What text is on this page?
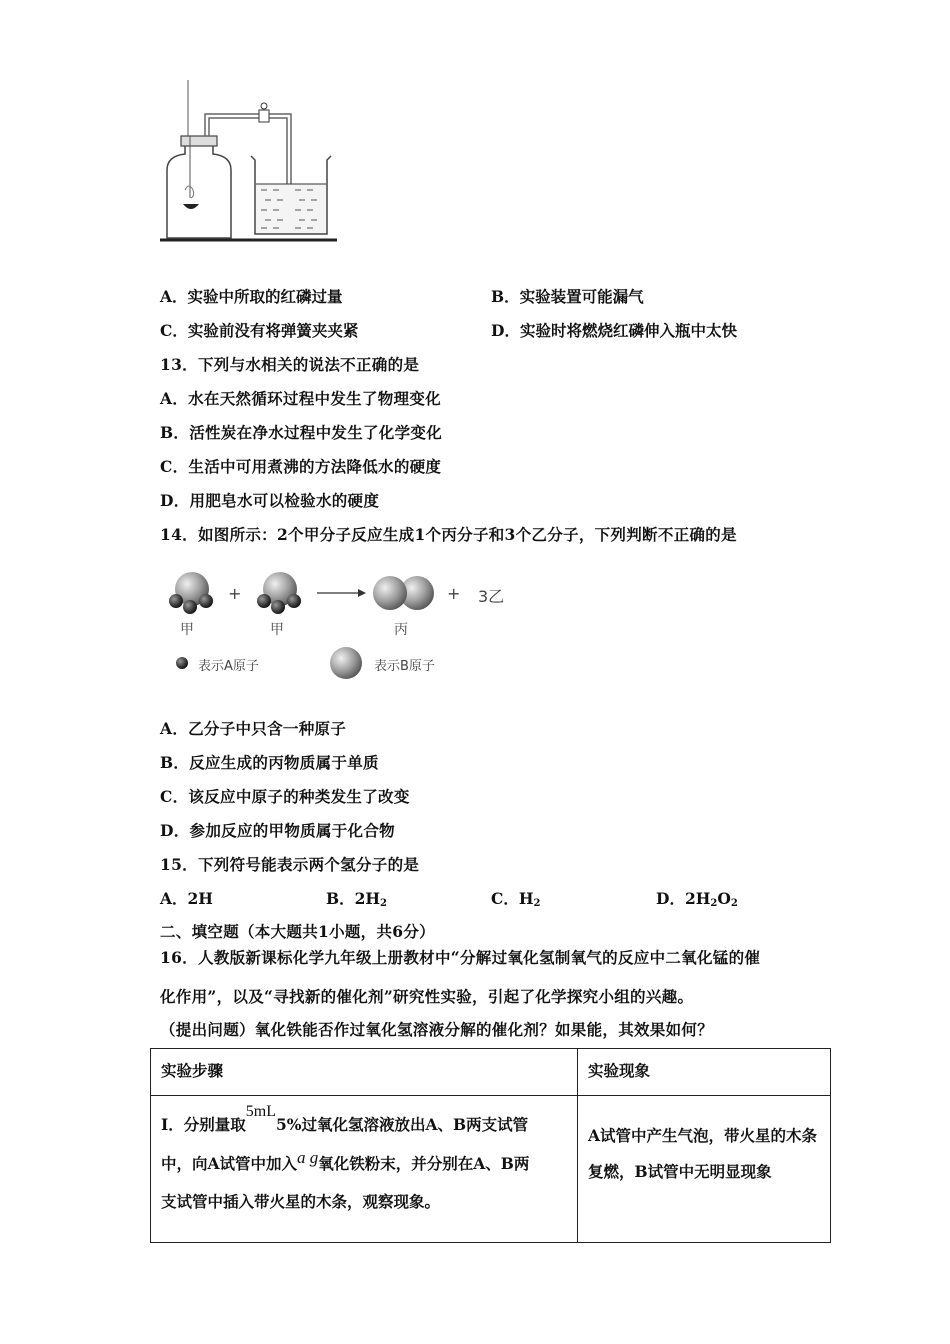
A．实验中所取的红磷过量	B．实验装置可能漏气
C．实验前没有将弹簧夹夹紧	D．实验时将燃烧红磷伸入瓶中太快
13．下列与水相关的说法不正确的是
A．水在天然循环过程中发生了物理变化
B．活性炭在净水过程中发生了化学变化
C．生活中可用煮沸的方法降低水的硬度
D．用肥皂水可以检验水的硬度
14．如图所示：2个甲分子反应生成1个丙分子和3个乙分子，下列判断不正确的是
+	+ 3乙
甲	甲	丙
表示A原子	表示B原子
A．乙分子中只含一种原子
B．反应生成的丙物质属于单质
C．该反应中原子的种类发生了改变
D．参加反应的甲物质属于化合物
15．下列符号能表示两个氢分子的是
A．2H	B．$2H_2$	C．$H_2$	D．$2H_2O_2$
二、填空题（本大题共1小题，共6分）
16．人教版新课标化学九年级上册教材中“分解过氧化氢制氧气的反应中二氧化锰的催
化作用”，以及“寻找新的催化剂”研究性实验，引起了化学探究小组的兴趣。
（提出问题）氧化铁能否作过氧化氢溶液分解的催化剂？如果能，其效果如何？
实验步骤	实验现象

Ⅰ．分别量取5mL5%过氧化氢溶液放出A、B两支试管
中，向A试管中加入a g氧化铁粉末，并分别在A、B两
支试管中插入带火星的木条，观察现象。	A试管中产生气泡，带火星的木条复燃，B试管中无明显现象
